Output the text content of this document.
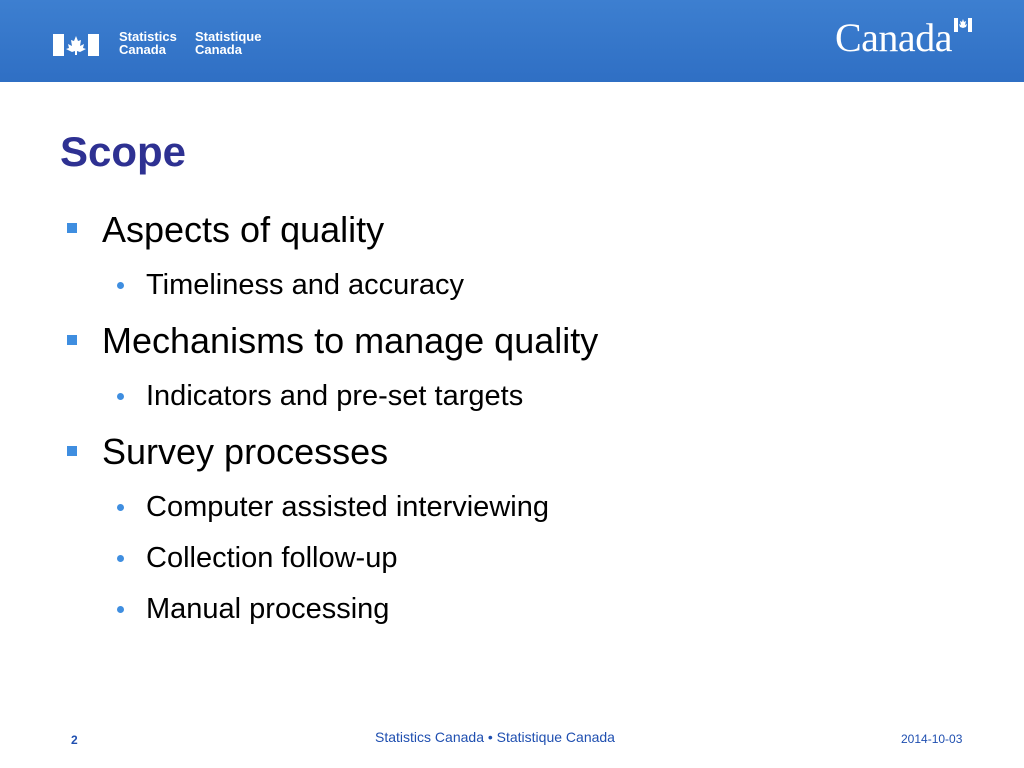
Statistics
Canada
Statistique
Canada	Canada
Scope
Aspects of quality
Timeliness and accuracy
Mechanisms to manage quality
Indicators and pre-set targets
Survey processes
Computer assisted interviewing
Collection follow-up
Manual processing
2	Statistics Canada • Statistique Canada	2014-10-03
